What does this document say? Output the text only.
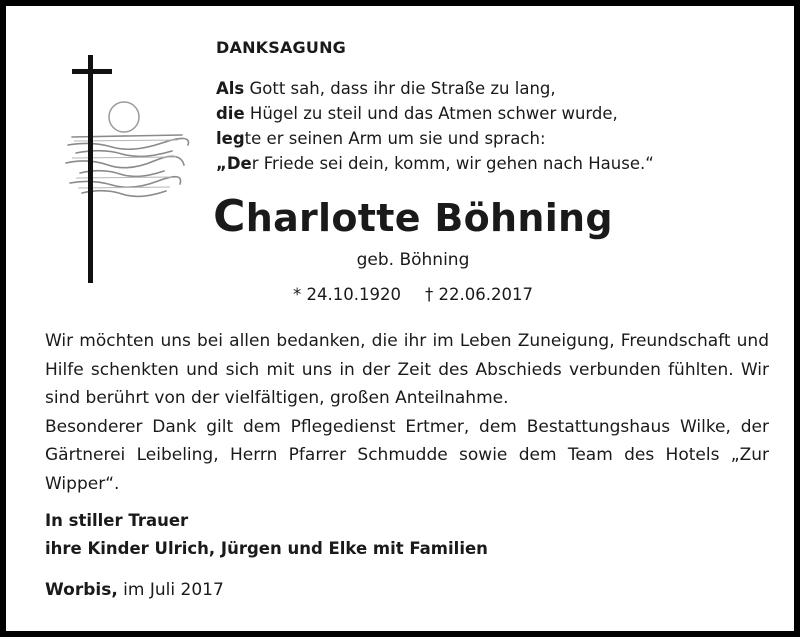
DANKSAGUNG
Als Gott sah, dass ihr die Straße zu lang,
die Hügel zu steil und das Atmen schwer wurde,
legte er seinen Arm um sie und sprach:
„Der Friede sei dein, komm, wir gehen nach Hause.“
Charlotte Böhning
geb. Böhning
* 24.10.1920 † 22.06.2017

Wir möchten uns bei allen bedanken, die ihr im Leben Zuneigung, Freundschaft und Hilfe schenkten und sich mit uns in der Zeit des Abschieds verbunden fühlten. Wir sind berührt von der vielfältigen, großen Anteilnahme.

Besonderer Dank gilt dem Pflegedienst Ertmer, dem Bestattungshaus Wilke, der Gärtnerei Leibeling, Herrn Pfarrer Schmudde sowie dem Team des Hotels „Zur Wipper“.

In stiller Trauer
ihre Kinder Ulrich, Jürgen und Elke mit Familien
Worbis, im Juli 2017
